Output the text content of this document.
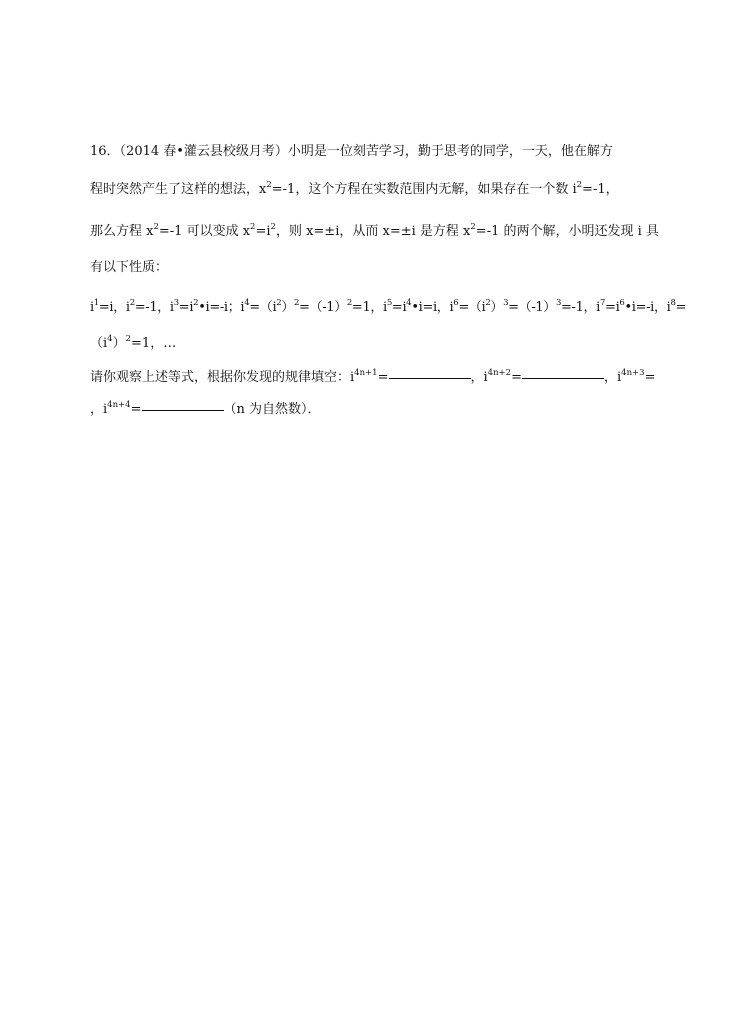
16．（2014 春•灌云县校级月考）小明是一位刻苦学习，勤于思考的同学，一天，他在解方
程时突然产生了这样的想法，$x^2=-1$，这个方程在实数范围内无解，如果存在一个数 $i^2=-1$，
那么方程 $x^2=-1$ 可以变成 $x^2=i^2$，则 x=±i，从而 x=±i 是方程 $x^2=-1$ 的两个解，小明还发现 i 具
有以下性质：
$i^1=i$，$i^2=-1$，$i^3=i^2•i=-i$；$i^4=(i^2)^2=(-1)^2=1$，$i^5=i^4•i=i$，$i^6=(i^2)^3=(-1)^3=-1$，$i^7=i^6•i=-i$，$i^8=$
$(i^4)^2=1$，…
请你观察上述等式，根据你发现的规律填空：$i^{4n+1}=$	，$i^{4n+2}=$	，$i^{4n+3}=$
，$i^{4n+4}=$	（n 为自然数）．
